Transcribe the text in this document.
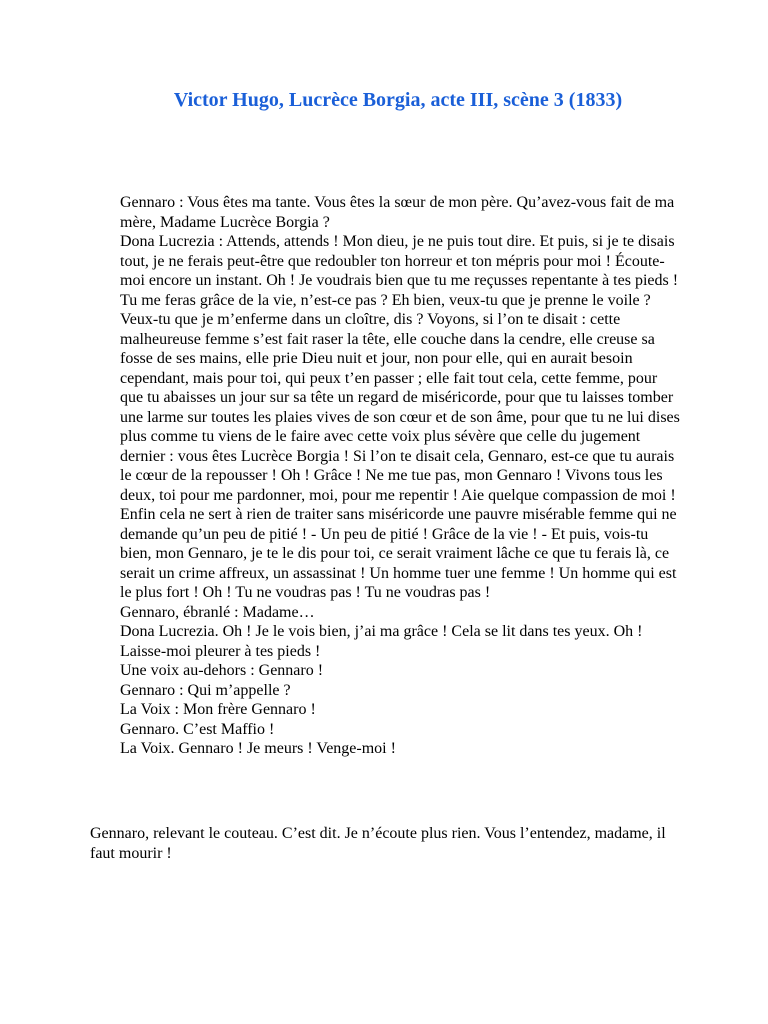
Victor Hugo, Lucrèce Borgia, acte III, scène 3 (1833)

Gennaro : Vous êtes ma tante. Vous êtes la sœur de mon père. Qu’avez-vous fait de ma mère, Madame Lucrèce Borgia ?

Dona Lucrezia : Attends, attends ! Mon dieu, je ne puis tout dire. Et puis, si je te disais tout, je ne ferais peut-être que redoubler ton horreur et ton mépris pour moi ! Écoute-moi encore un instant. Oh ! Je voudrais bien que tu me reçusses repentante à tes pieds ! Tu me feras grâce de la vie, n’est-ce pas ? Eh bien, veux-tu que je prenne le voile ? Veux-tu que je m’enferme dans un cloître, dis ? Voyons, si l’on te disait : cette malheureuse femme s’est fait raser la tête, elle couche dans la cendre, elle creuse sa fosse de ses mains, elle prie Dieu nuit et jour, non pour elle, qui en aurait besoin cependant, mais pour toi, qui peux t’en passer ; elle fait tout cela, cette femme, pour que tu abaisses un jour sur sa tête un regard de miséricorde, pour que tu laisses tomber une larme sur toutes les plaies vives de son cœur et de son âme, pour que tu ne lui dises plus comme tu viens de le faire avec cette voix plus sévère que celle du jugement dernier : vous êtes Lucrèce Borgia ! Si l’on te disait cela, Gennaro, est-ce que tu aurais le cœur de la repousser ! Oh ! Grâce ! Ne me tue pas, mon Gennaro ! Vivons tous les deux, toi pour me pardonner, moi, pour me repentir ! Aie quelque compassion de moi ! Enfin cela ne sert à rien de traiter sans miséricorde une pauvre misérable femme qui ne demande qu’un peu de pitié ! - Un peu de pitié ! Grâce de la vie ! - Et puis, vois-tu bien, mon Gennaro, je te le dis pour toi, ce serait vraiment lâche ce que tu ferais là, ce serait un crime affreux, un assassinat ! Un homme tuer une femme ! Un homme qui est le plus fort ! Oh ! Tu ne voudras pas ! Tu ne voudras pas !

Gennaro, ébranlé : Madame…

Dona Lucrezia. Oh ! Je le vois bien, j’ai ma grâce ! Cela se lit dans tes yeux. Oh ! Laisse-moi pleurer à tes pieds !

Une voix au-dehors : Gennaro !

Gennaro : Qui m’appelle ?

La Voix : Mon frère Gennaro !

Gennaro. C’est Maffio !

La Voix. Gennaro ! Je meurs ! Venge-moi !

Gennaro, relevant le couteau. C’est dit. Je n’écoute plus rien. Vous l’entendez, madame, il faut mourir !
